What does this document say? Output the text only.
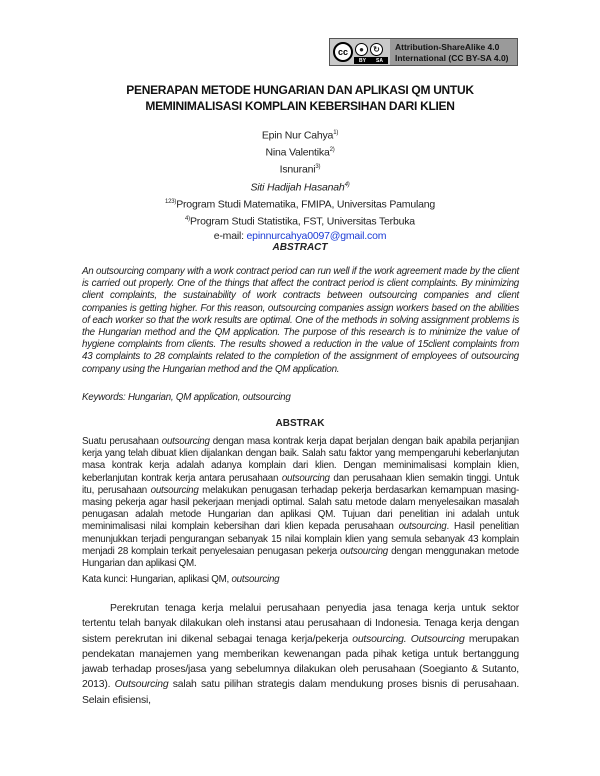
cc	●	↻
BY SA
Attribution-ShareAlike 4.0
International (CC BY-SA 4.0)
PENERAPAN METODE HUNGARIAN DAN APLIKASI QM UNTUK
MEMINIMALISASI KOMPLAIN KEBERSIHAN DARI KLIEN
Epin Nur Cahya$^{1)}$
Nina Valentika$^{2)}$
Isnurani$^{3)}$
Siti Hadijah Hasanah$^{4)}$
$^{123)}$Program Studi Matematika, FMIPA, Universitas Pamulang
$^{4)}$Program Studi Statistika, FST, Universitas Terbuka
e-mail: epinnurcahya0097@gmail.com
ABSTRACT
An outsourcing company with a work contract period can run well if the work agreement made by the client is carried out properly. One of the things that affect the contract period is client complaints. By minimizing client complaints, the sustainability of work contracts between outsourcing companies and client companies is getting higher. For this reason, outsourcing companies assign workers based on the abilities of each worker so that the work results are optimal. One of the methods in solving assignment problems is the Hungarian method and the QM application. The purpose of this research is to minimize the value of hygiene complaints from clients. The results showed a reduction in the value of 15client complaints from 43 complaints to 28 complaints related to the completion of the assignment of employees of outsourcing company using the Hungarian method and the QM application.
Keywords: Hungarian, QM application, outsourcing
ABSTRAK
Suatu perusahaan outsourcing dengan masa kontrak kerja dapat berjalan dengan baik apabila perjanjian kerja yang telah dibuat klien dijalankan dengan baik. Salah satu faktor yang mempengaruhi keberlanjutan masa kontrak kerja adalah adanya komplain dari klien. Dengan meminimalisasi komplain klien, keberlanjutan kontrak kerja antara perusahaan outsourcing dan perusahaan klien semakin tinggi. Untuk itu, perusahaan outsourcing melakukan penugasan terhadap pekerja berdasarkan kemampuan masing-masing pekerja agar hasil pekerjaan menjadi optimal. Salah satu metode dalam menyelesaikan masalah penugasan adalah metode Hungarian dan aplikasi QM. Tujuan dari penelitian ini adalah untuk meminimalisasi nilai komplain kebersihan dari klien kepada perusahaan outsourcing. Hasil penelitian menunjukkan terjadi pengurangan sebanyak 15 nilai komplain klien yang semula sebanyak 43 komplain menjadi 28 komplain terkait penyelesaian penugasan pekerja outsourcing dengan menggunakan metode Hungarian dan aplikasi QM.
Kata kunci: Hungarian, aplikasi QM, outsourcing
Perekrutan tenaga kerja melalui perusahaan penyedia jasa tenaga kerja untuk sektor tertentu telah banyak dilakukan oleh instansi atau perusahaan di Indonesia. Tenaga kerja dengan sistem perekrutan ini dikenal sebagai tenaga kerja/pekerja outsourcing. Outsourcing merupakan pendekatan manajemen yang memberikan kewenangan pada pihak ketiga untuk bertanggung jawab terhadap proses/jasa yang sebelumnya dilakukan oleh perusahaan (Soegianto & Sutanto, 2013). Outsourcing salah satu pilihan strategis dalam mendukung proses bisnis di perusahaan. Selain efisiensi,
